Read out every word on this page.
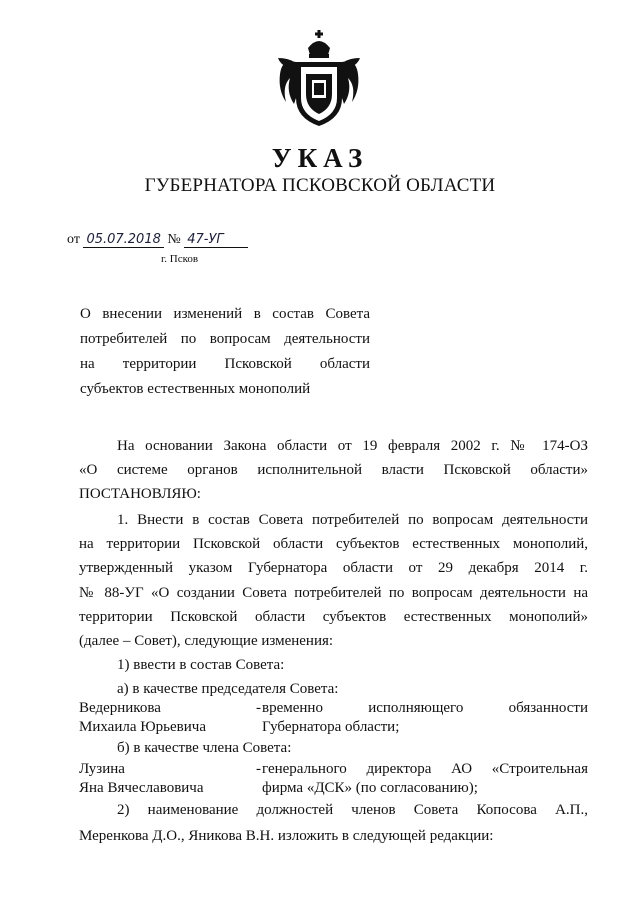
УКАЗ
ГУБЕРНАТОРА ПСКОВСКОЙ ОБЛАСТИ
от 05.07.2018 № 47-УГ
г. Псков
О внесении изменений в состав Совета
потребителей по вопросам деятельности
на территории Псковской области
субъектов естественных монополий
На основании Закона области от 19 февраля 2002 г. № 174-ОЗ
«О системе органов исполнительной власти Псковской области»
ПОСТАНОВЛЯЮ:
1. Внести в состав Совета потребителей по вопросам деятельности
на территории Псковской области субъектов естественных монополий,
утвержденный указом Губернатора области от 29 декабря 2014 г.
№ 88-УГ «О создании Совета потребителей по вопросам деятельности на
территории Псковской области субъектов естественных монополий»
(далее – Совет), следующие изменения:
1) ввести в состав Совета:
а) в качестве председателя Совета:
Ведерникова
Михаила Юрьевича
- временно исполняющего обязанности
Губернатора области;
б) в качестве члена Совета:
Лузина
Яна Вячеславовича
- генерального директора АО «Строительная
фирма «ДСК» (по согласованию);
2) наименование должностей членов Совета Копосова А.П.,
Меренкова Д.О., Яникова В.Н. изложить в следующей редакции:
